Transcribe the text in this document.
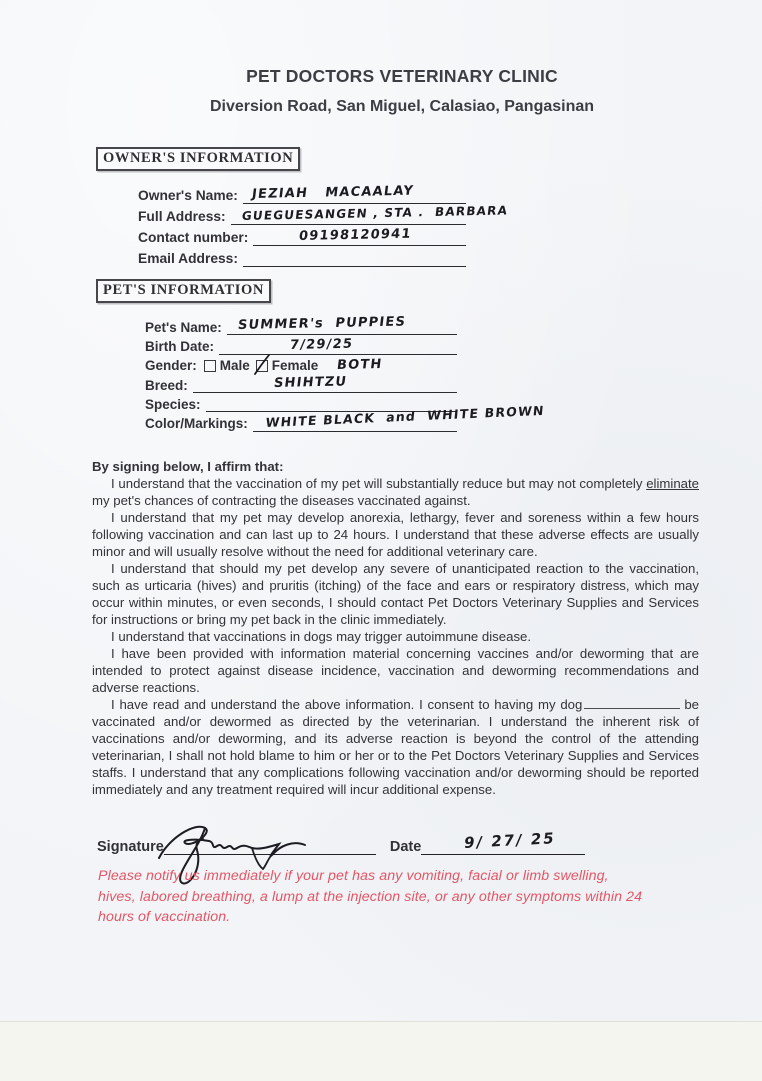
PET DOCTORS VETERINARY CLINIC
Diversion Road, San Miguel, Calasiao, Pangasinan
OWNER'S INFORMATION
Owner's Name:	JEZIAH   MACAALAY
Full Address:	GUEGUESANGEN , STA .  BARBARA
Contact number:	09198120941
Email Address:
PET'S INFORMATION
Pet's Name:	SUMMER's  PUPPIES
Birth Date:	7/29/25
Gender:	Male Female BOTH
Breed:	SHIHTZU
Species:
Color/Markings:	WHITE BLACK  and  WHITE BROWN

By signing below, I affirm that:

I understand that the vaccination of my pet will substantially reduce but may not completely eliminate my pet's chances of contracting the diseases vaccinated against.

I understand that my pet may develop anorexia, lethargy, fever and soreness within a few hours following vaccination and can last up to 24 hours. I understand that these adverse effects are usually minor and will usually resolve without the need for additional veterinary care.

I understand that should my pet develop any severe of unanticipated reaction to the vaccination, such as urticaria (hives) and pruritis (itching) of the face and ears or respiratory distress, which may occur within minutes, or even seconds, I should contact Pet Doctors Veterinary Supplies and Services for instructions or bring my pet back in the clinic immediately.

I understand that vaccinations in dogs may trigger autoimmune disease.

I have been provided with information material concerning vaccines and/or deworming that are intended to protect against disease incidence, vaccination and deworming recommendations and adverse reactions.

I have read and understand the above information. I consent to having my dog	be vaccinated and/or dewormed as directed by the veterinarian. I understand the inherent risk of vaccinations and/or deworming, and its adverse reaction is beyond the control of the attending veterinarian, I shall not hold blame to him or her or to the Pet Doctors Veterinary Supplies and Services staffs. I understand that any complications following vaccination and/or deworming should be reported immediately and any treatment required will incur additional expense.

Signature	Date	9/ 27/ 25
Please notify us immediately if your pet has any vomiting, facial or limb swelling, hives, labored breathing, a lump at the injection site, or any other symptoms within 24 hours of vaccination.
